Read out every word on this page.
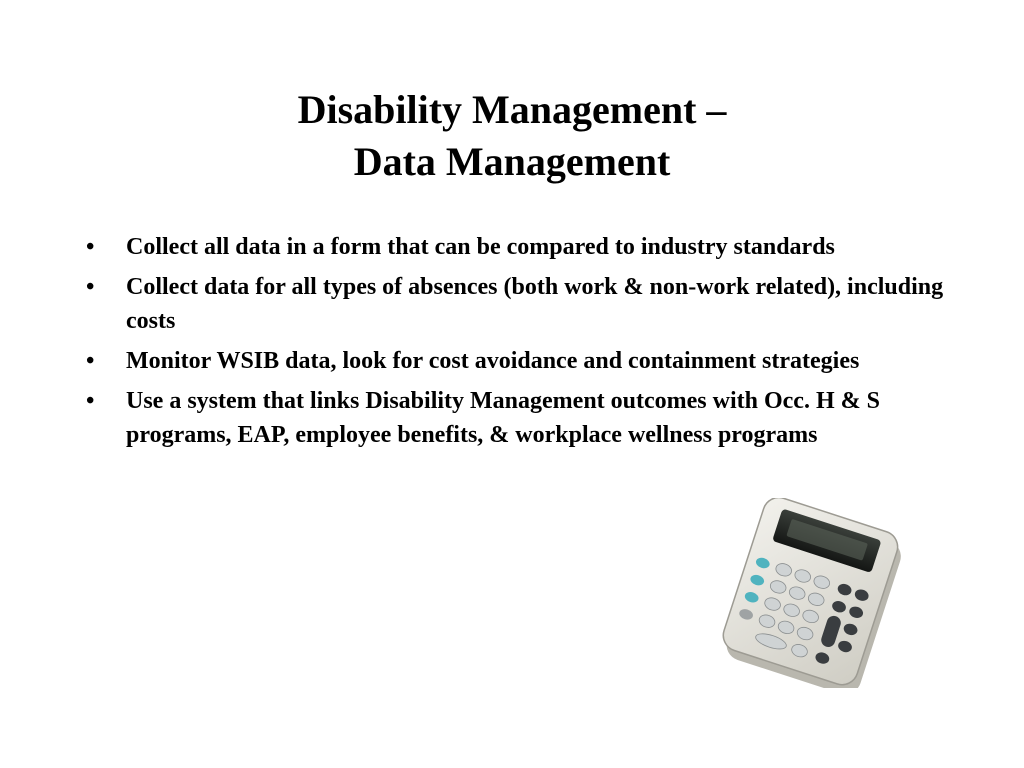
Disability Management –
Data Management
•	Collect all data in a form that can be compared to industry standards
•	Collect data for all types of absences (both work & non-work related), including costs
•	Monitor WSIB data, look for cost avoidance and containment strategies
•	Use a system that links Disability Management outcomes with Occ. H & S programs, EAP, employee benefits, & workplace wellness programs
